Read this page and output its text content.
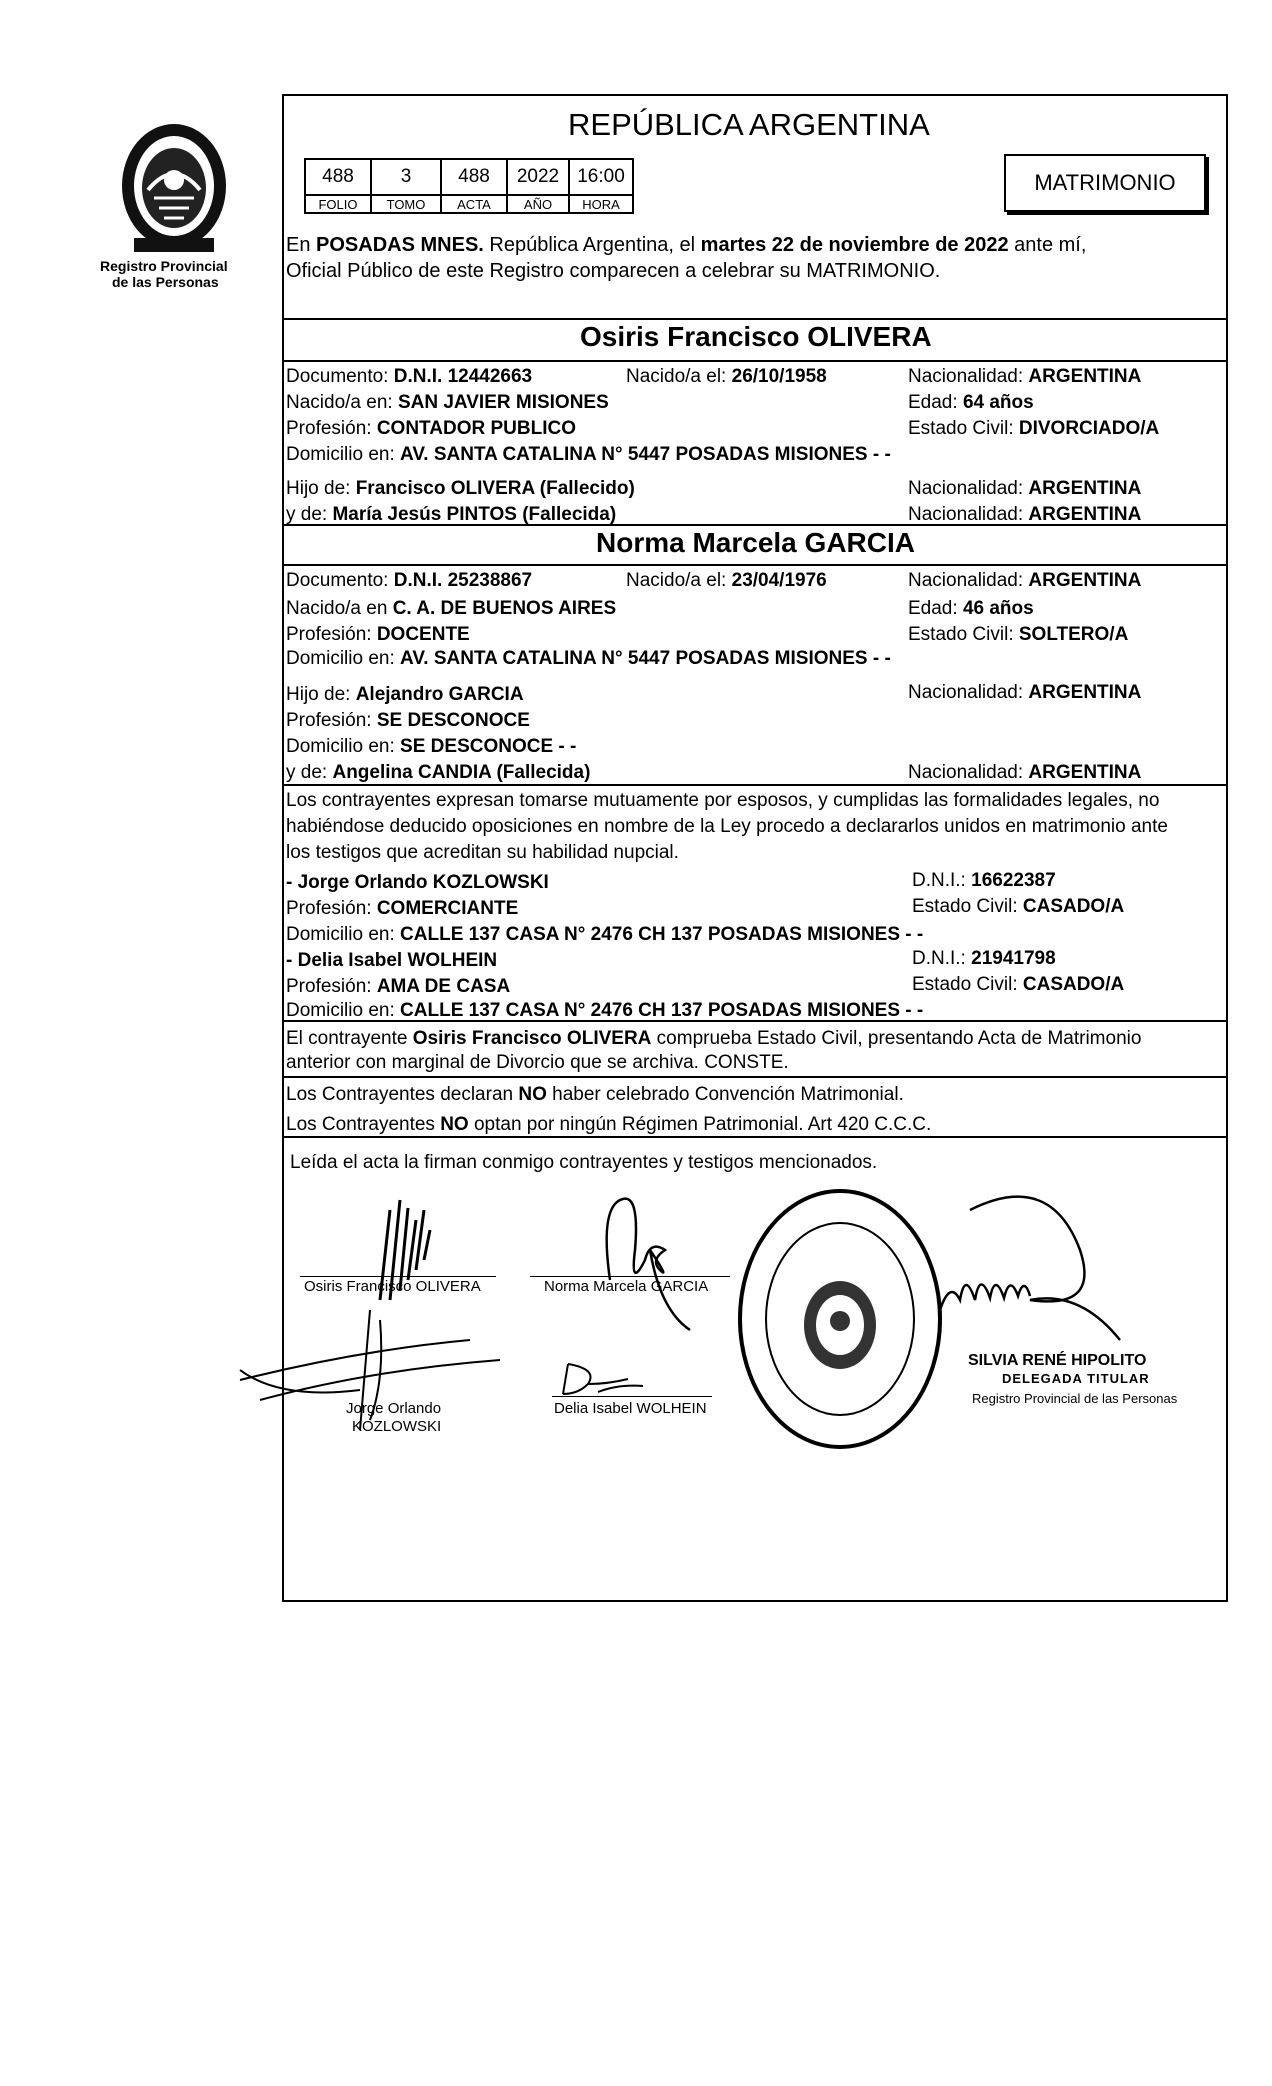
Registro Provincial
de las Personas
REPÚBLICA ARGENTINA
488	3	488	2022	16:00
FOLIO	TOMO	ACTA	AÑO	HORA
MATRIMONIO
En POSADAS MNES. República Argentina, el martes 22 de noviembre de 2022 ante mí,
Oficial Público de este Registro comparecen a celebrar su MATRIMONIO.
Osiris Francisco OLIVERA
Documento: D.N.I. 12442663	Nacido/a el: 26/10/1958	Nacionalidad: ARGENTINA
Nacido/a en: SAN JAVIER MISIONES	Edad: 64 años
Profesión: CONTADOR PUBLICO	Estado Civil: DIVORCIADO/A
Domicilio en: AV. SANTA CATALINA N° 5447 POSADAS MISIONES - -
Hijo de: Francisco OLIVERA (Fallecido)	Nacionalidad: ARGENTINA
y de: María Jesús PINTOS (Fallecida)	Nacionalidad: ARGENTINA
Norma Marcela GARCIA
Documento: D.N.I. 25238867	Nacido/a el: 23/04/1976	Nacionalidad: ARGENTINA
Nacido/a en C. A. DE BUENOS AIRES	Edad: 46 años
Profesión: DOCENTE	Estado Civil: SOLTERO/A
Domicilio en: AV. SANTA CATALINA N° 5447 POSADAS MISIONES - -
Hijo de: Alejandro GARCIA	Nacionalidad: ARGENTINA
Profesión: SE DESCONOCE
Domicilio en: SE DESCONOCE - -
y de: Angelina CANDIA (Fallecida)	Nacionalidad: ARGENTINA
Los contrayentes expresan tomarse mutuamente por esposos, y cumplidas las formalidades legales, no
habiéndose deducido oposiciones en nombre de la Ley procedo a declararlos unidos en matrimonio ante
los testigos que acreditan su habilidad nupcial.
- Jorge Orlando KOZLOWSKI	D.N.I.: 16622387
Profesión: COMERCIANTE	Estado Civil: CASADO/A
Domicilio en: CALLE 137 CASA N° 2476 CH 137 POSADAS MISIONES - -
- Delia Isabel WOLHEIN	D.N.I.: 21941798
Profesión: AMA DE CASA	Estado Civil: CASADO/A
Domicilio en: CALLE 137 CASA N° 2476 CH 137 POSADAS MISIONES - -
El contrayente Osiris Francisco OLIVERA comprueba Estado Civil, presentando Acta de Matrimonio
anterior con marginal de Divorcio que se archiva. CONSTE.
Los Contrayentes declaran NO haber celebrado Convención Matrimonial.
Los Contrayentes NO optan por ningún Régimen Patrimonial. Art 420 C.C.C.
Leída el acta la firman conmigo contrayentes y testigos mencionados.
Osiris Francisco OLIVERA	Norma Marcela GARCIA
Jorge Orlando
KOZLOWSKI
Delia Isabel WOLHEIN
SILVIA RENÉ HIPOLITO
DELEGADA TITULAR
Registro Provincial de las Personas
